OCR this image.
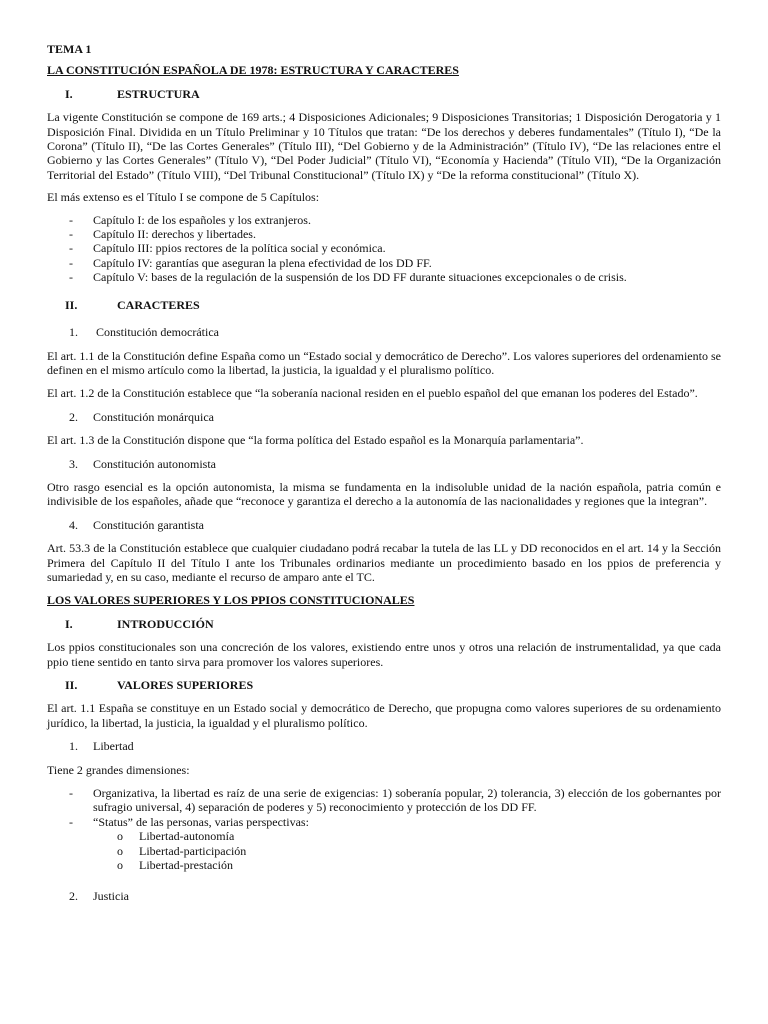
TEMA 1

LA CONSTITUCIÓN ESPAÑOLA DE 1978: ESTRUCTURA Y CARACTERES

I.	ESTRUCTURA

La vigente Constitución se compone de 169 arts.; 4 Disposiciones Adicionales; 9 Disposiciones Transitorias; 1 Disposición Derogatoria y 1 Disposición Final. Dividida en un Título Preliminar y 10 Títulos que tratan: “De los derechos y deberes fundamentales” (Título I), “De la Corona” (Título II), “De las Cortes Generales” (Título III), “Del Gobierno y de la Administración” (Título IV), “De las relaciones entre el Gobierno y las Cortes Generales” (Título V), “Del Poder Judicial” (Título VI), “Economía y Hacienda” (Título VII), “De la Organización Territorial del Estado” (Título VIII), “Del Tribunal Constitucional” (Título IX) y “De la reforma constitucional” (Título X).

El más extenso es el Título I se compone de 5 Capítulos:

-	Capítulo I: de los españoles y los extranjeros.
-	Capítulo II: derechos y libertades.
-	Capítulo III: ppios rectores de la política social y económica.
-	Capítulo IV: garantías que aseguran la plena efectividad de los DD FF.
-	Capítulo V: bases de la regulación de la suspensión de los DD FF durante situaciones excepcionales o de crisis.
II.	CARACTERES
1.	Constitución democrática

El art. 1.1 de la Constitución define España como un “Estado social y democrático de Derecho”. Los valores superiores del ordenamiento se definen en el mismo artículo como la libertad, la justicia, la igualdad y el pluralismo político.

El art. 1.2 de la Constitución establece que “la soberanía nacional residen en el pueblo español del que emanan los poderes del Estado”.

2.	Constitución monárquica

El art. 1.3 de la Constitución dispone que “la forma política del Estado español es la Monarquía parlamentaria”.

3.	Constitución autonomista

Otro rasgo esencial es la opción autonomista, la misma se fundamenta en la indisoluble unidad de la nación española, patria común e indivisible de los españoles, añade que “reconoce y garantiza el derecho a la autonomía de las nacionalidades y regiones que la integran”.

4.	Constitución garantista

Art. 53.3 de la Constitución establece que cualquier ciudadano podrá recabar la tutela de las LL y DD reconocidos en el art. 14 y la Sección Primera del Capítulo II del Título I ante los Tribunales ordinarios mediante un procedimiento basado en los ppios de preferencia y sumariedad y, en su caso, mediante el recurso de amparo ante el TC.

LOS VALORES SUPERIORES Y LOS PPIOS CONSTITUCIONALES

I.	INTRODUCCIÓN

Los ppios constitucionales son una concreción de los valores, existiendo entre unos y otros una relación de instrumentalidad, ya que cada ppio tiene sentido en tanto sirva para promover los valores superiores.

II.	VALORES SUPERIORES

El art. 1.1 España se constituye en un Estado social y democrático de Derecho, que propugna como valores superiores de su ordenamiento jurídico, la libertad, la justicia, la igualdad y el pluralismo político.

1.	Libertad

Tiene 2 grandes dimensiones:

-	Organizativa, la libertad es raíz de una serie de exigencias: 1) soberanía popular, 2) tolerancia, 3) elección de los gobernantes por sufragio universal, 4) separación de poderes y 5) reconocimiento y protección de los DD FF.
-	“Status” de las personas, varias perspectivas:
o	Libertad-autonomía
o	Libertad-participación
o	Libertad-prestación
2.	Justicia
